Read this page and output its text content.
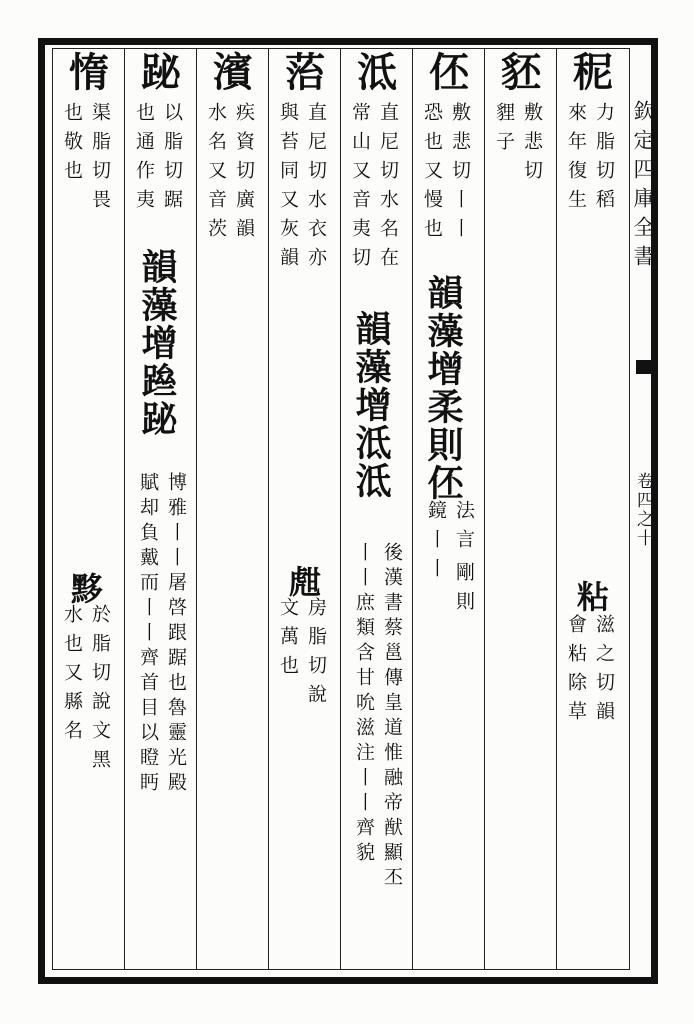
欽定四庫全書
卷四之十
秜
力脂切稻
來年復生
粘
滋之切韻
會粘除草
豾
敷悲切
貍子
伾
敷悲切丨丨
恐也又慢也
韻藻增柔則伾
法言
剛則
鏡丨丨
泜
直尼切水名在
常山又音夷切
韻藻增泜泜
後漢書蔡邕傳皇道惟融帝猷顯丕
丨丨庶類含甘吮滋注丨丨齊貌
菭
直尼切水衣亦
與苔同又灰韻
甝
房脂切說
文萬也
濱
疾資切廣韻
水名又音茨
䟤
以脂切踞
也通作夷
韻藻增䠁䟤
博雅丨丨屠啓跟踞也魯靈光殿
賦却負戴而丨丨齊首目以瞪眄
惰
渠脂切畏
也敬也
黟
於脂切說文黑
水也又縣名
